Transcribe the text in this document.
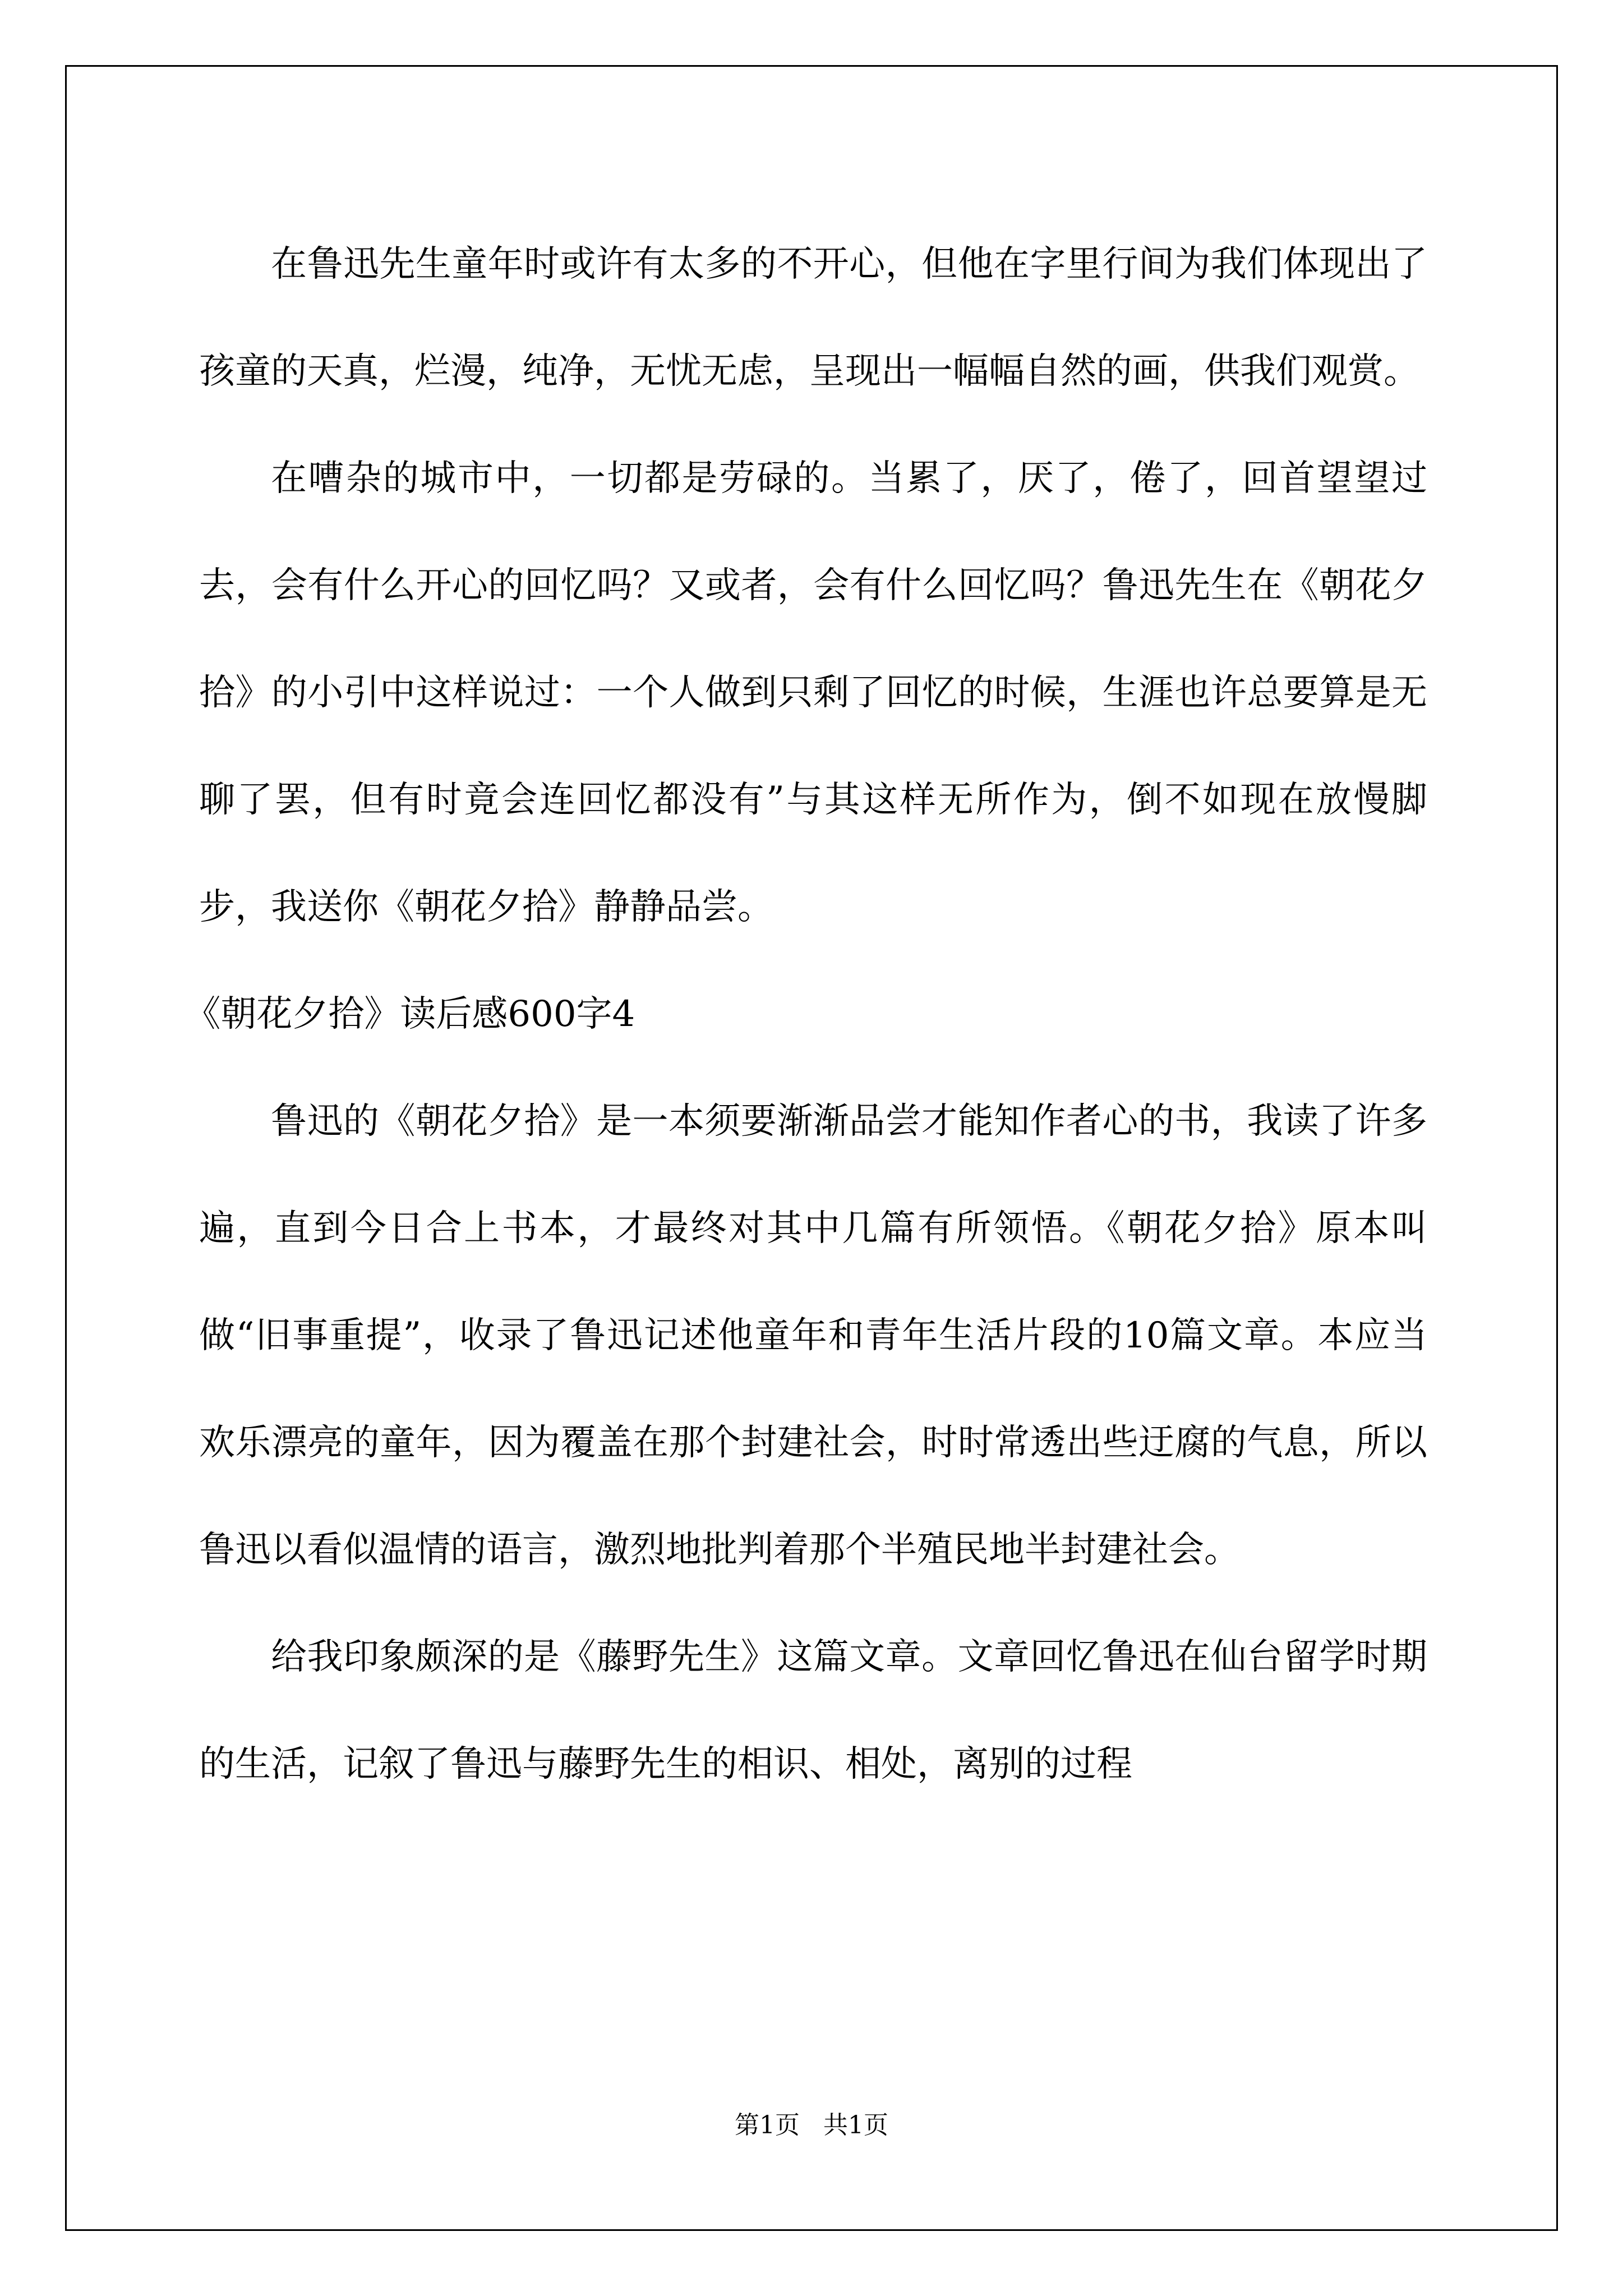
在鲁迅先生童年时或许有太多的不开心，但他在字里行间为我们体现出了孩童的天真，烂漫，纯净，无忧无虑，呈现出一幅幅自然的画，供我们观赏。

在嘈杂的城市中，一切都是劳碌的。当累了，厌了，倦了，回首望望过去，会有什么开心的回忆吗？又或者，会有什么回忆吗？鲁迅先生在《朝花夕拾》的小引中这样说过：一个人做到只剩了回忆的时候，生涯也许总要算是无聊了罢，但有时竟会连回忆都没有”与其这样无所作为，倒不如现在放慢脚步，我送你《朝花夕拾》静静品尝。

《朝花夕拾》读后感600字4

鲁迅的《朝花夕拾》是一本须要渐渐品尝才能知作者心的书，我读了许多遍，直到今日合上书本，才最终对其中几篇有所领悟。《朝花夕拾》原本叫做“旧事重提”，收录了鲁迅记述他童年和青年生活片段的10篇文章。本应当欢乐漂亮的童年，因为覆盖在那个封建社会，时时常透出些迂腐的气息，所以鲁迅以看似温情的语言，激烈地批判着那个半殖民地半封建社会。

给我印象颇深的是《藤野先生》这篇文章。文章回忆鲁迅在仙台留学时期的生活，记叙了鲁迅与藤野先生的相识、相处，离别的过程

第1页   共1页
